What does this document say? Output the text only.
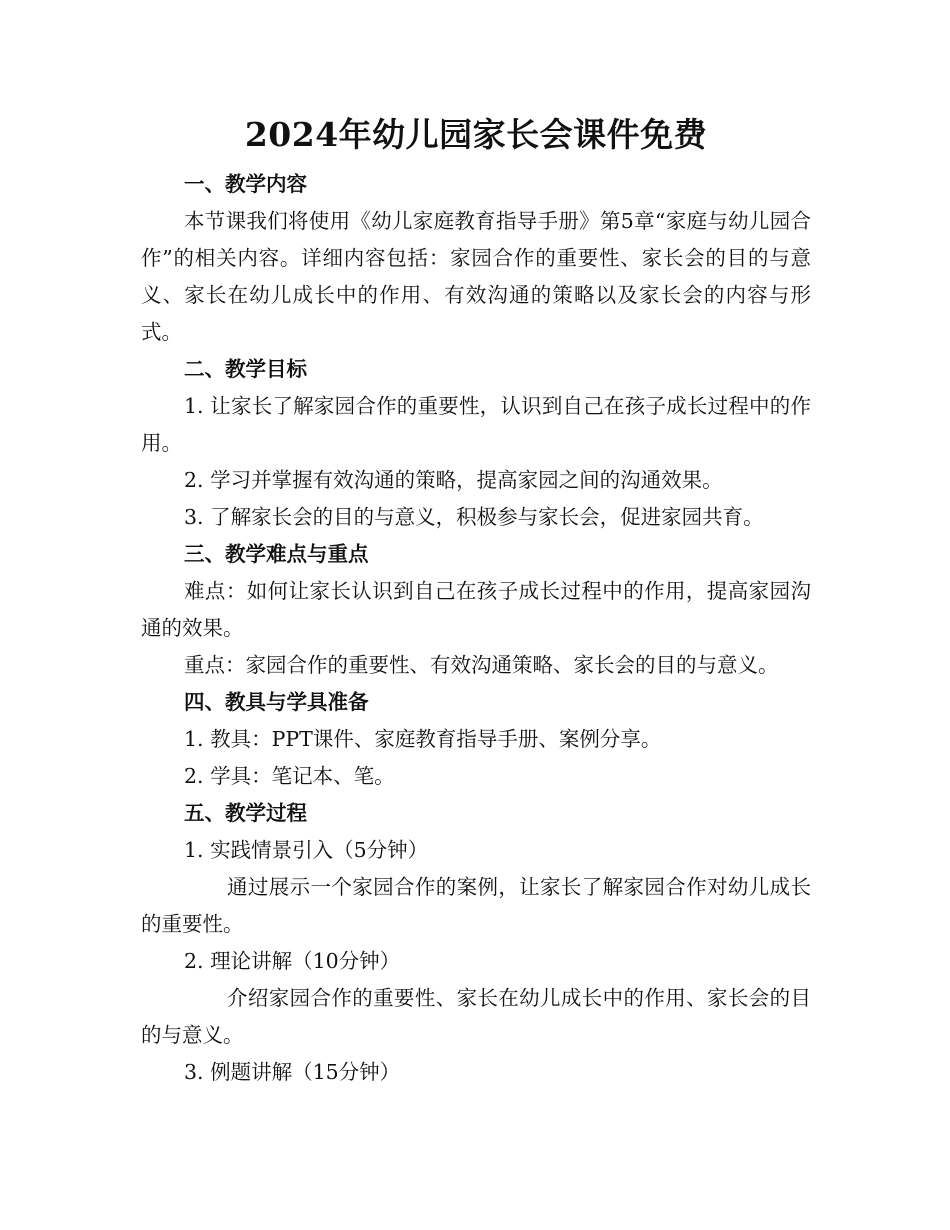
2024年幼儿园家长会课件免费

一、教学内容

本节课我们将使用《幼儿家庭教育指导手册》第5章“家庭与幼儿园合作”的相关内容。详细内容包括：家园合作的重要性、家长会的目的与意义、家长在幼儿成长中的作用、有效沟通的策略以及家长会的内容与形式。

二、教学目标

1. 让家长了解家园合作的重要性，认识到自己在孩子成长过程中的作用。

2. 学习并掌握有效沟通的策略，提高家园之间的沟通效果。

3. 了解家长会的目的与意义，积极参与家长会，促进家园共育。

三、教学难点与重点

难点：如何让家长认识到自己在孩子成长过程中的作用，提高家园沟通的效果。

重点：家园合作的重要性、有效沟通策略、家长会的目的与意义。

四、教具与学具准备

1. 教具：PPT课件、家庭教育指导手册、案例分享。

2. 学具：笔记本、笔。

五、教学过程

1. 实践情景引入（5分钟）

通过展示一个家园合作的案例，让家长了解家园合作对幼儿成长的重要性。

2. 理论讲解（10分钟）

介绍家园合作的重要性、家长在幼儿成长中的作用、家长会的目的与意义。

3. 例题讲解（15分钟）
